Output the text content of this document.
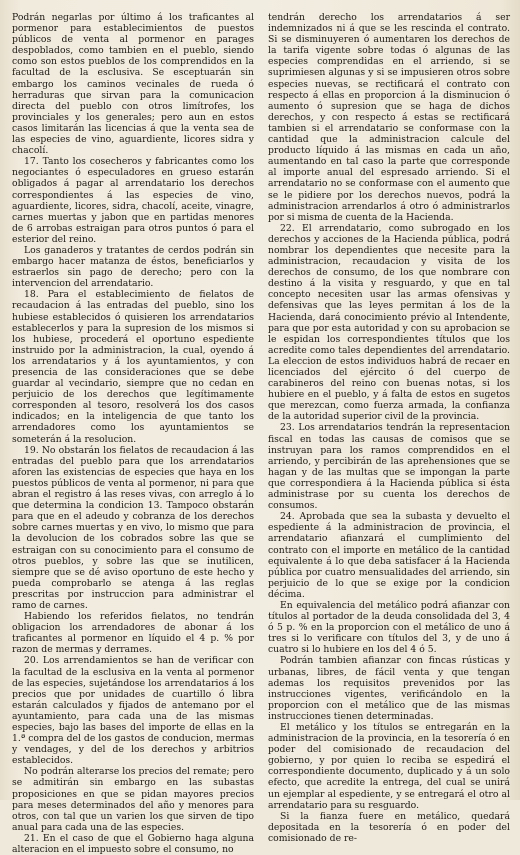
Podrán negarlas por último á los traficantes al pormenor para establecimientos de puestos públicos de venta al pormenor en parages despoblados, como tambien en el pueblo, siendo como son estos pueblos de los comprendidos en la facultad de la esclusiva. Se esceptuarán sin embargo los caminos vecinales de rueda ó herraduras que sirvan para la comunicacion directa del pueblo con otros limítrofes, los provinciales y los generales; pero aun en estos casos limitarán las licencias á que la venta sea de las especies de vino, aguardiente, licores sidra y chacolí.

17. Tanto los cosecheros y fabricantes como los negociantes ó especuladores en grueso estarán obligados á pagar al arrendatario los derechos correspondientes á las especies de vino, aguardiente, licores, sidra, chacolí, aceite, vinagre, carnes muertas y jabon que en partidas menores de 6 arrobas estraigan para otros puntos ó para el esterior del reino.

Los ganaderos y tratantes de cerdos podrán sin embargo hacer matanza de éstos, beneficiarlos y estraerlos sin pago de derecho; pero con la intervencion del arrendatario.

18. Para el establecimiento de fielatos de recaudacion á las entradas del pueblo, sino los hubiese establecidos ó quisieren los arrendatarios establecerlos y para la supresion de los mismos si los hubiese, procederá el oportuno espediente instruido por la administracion, la cual, oyendo á los arrendatarios y á los ayuntamientos, y con presencia de las consideraciones que se debe guardar al vecindario, siempre que no cedan en perjuicio de los derechos que legítimamente corresponden al tesoro, resolverá los dos casos indicados; en la inteligencia de que tanto los arrendadores como los ayuntamientos se someterán á la resolucion.

19. No obstarán los fielatos de recaudacion á las entradas del pueblo para que los arrendatarios aforen las existencias de especies que haya en los puestos públicos de venta al pormenor, ni para que abran el registro á las reses vivas, con arreglo á lo que determina la condicion 13. Tampoco obstarán para que en el adeudo y cobranza de los derechos sobre carnes muertas y en vivo, lo mismo que para la devolucion de los cobrados sobre las que se estraigan con su conocimiento para el consumo de otros pueblos, y sobre las que se inutilicen, siempre que se dé aviso oportuno de este hecho y pueda comprobarlo se atenga á las reglas prescritas por instruccion para administrar el ramo de carnes.

Habiendo los referidos fielatos, no tendrán obligacion los arrendadores de abonar á los traficantes al pormenor en líquido el 4 p. % por razon de mermas y derrames.

20. Los arrendamientos se han de verificar con la facultad de la esclusiva en la venta al pormenor de las especies, sujetándose los arrendatarios á los precios que por unidades de cuartillo ó libra estarán calculados y fijados de antemano por el ayuntamiento, para cada una de las mismas especies, bajo las bases del importe de ellas en la 1.ª compra del de los gastos de conducion, mermas y vendages, y del de los derechos y arbitrios establecidos.

No podrán alterarse los precios del remate; pero se admitirán sin embargo en las subastas proposiciones en que se pidan mayores precios para meses determinados del año y menores para otros, con tal que un varien los que sirven de tipo anual para cada una de las especies.

21. En el caso de que el Gobierno haga alguna alteracion en el impuesto sobre el consumo, no

tendrán derecho los arrendatarios á ser indemnizados ni á que se les rescinda el contrato. Si se disminuyeren ó aumentaren los derechos de la tarifa vigente sobre todas ó algunas de las especies comprendidas en el arriendo, si se suprimiesen algunas y si se impusieren otros sobre especies nuevas, se rectificará el contrato con respecto á ellas en proporcion á la disminucion ó aumento ó supresion que se haga de dichos derechos, y con respecto á estas se rectificará tambien si el arrendatario se conformase con la cantidad que la administracion calcule del producto líquido á las mismas en cada un año, aumentando en tal caso la parte que corresponde al importe anual del espresado arriendo. Si el arrendatario no se conformase con el aumento que se le pidiere por los derechos nuevos, podrá la administracion arrendarlos á otro ó administrarlos por si misma de cuenta de la Hacienda.

22. El arrendatario, como subrogado en los derechos y acciones de la Hacienda pública, podrá nombrar los dependientes que necesite para la administracion, recaudacion y visita de los derechos de consumo, de los que nombrare con destino á la visita y resguardo, y que en tal concepto necesiten usar las armas ofensivas y defensivas que las leyes permitan á los de la Hacienda, dará conocimiento prévio al Intendente, para que por esta autoridad y con su aprobacion se le espidan los correspondientes títulos que los acredite como tales dependientes del arrendatario. La eleccion de estos individuos habrá de recaer en licenciados del ejército ó del cuerpo de carabineros del reino con buenas notas, si los hubiere en el pueblo, y á falta de estos en sugetos que merezcan, como fuerza armada, la confianza de la autoridad superior civil de la provincia.

23. Los arrendatarios tendrán la representacion fiscal en todas las causas de comisos que se instruyan para los ramos comprendidos en el arriendo, y percibirán de las aprehensiones que se hagan y de las multas que se impongan la parte que correspondiera á la Hacienda pública si ésta administrase por su cuenta los derechos de consumos.

24. Aprobada que sea la subasta y devuelto el espediente á la administracion de provincia, el arrendatario afianzará el cumplimiento del contrato con el importe en metálico de la cantidad equivalente á lo que deba satisfacer á la Hacienda pública por cuatro mensualidades del arriendo, sin perjuicio de lo que se exige por la condicion décima.

En equivalencia del metálico podrá afianzar con títulos al portador de la deuda consolidada del 3, 4 ó 5 p. % en la proporcion con el metálico de uno á tres si lo verificare con títulos del 3, y de uno á cuatro si lo hubiere en los del 4 ó 5.

Podrán tambien afianzar con fincas rústicas y urbanas, libres, de fácil venta y que tengan ademas los requisitos prevenidos por las instrucciones vigentes, verificándolo en la proporcion con el metálico que de las mismas instrucciones tienen determinadas.

El metálico y los títulos se entregarán en la administracion de la provincia, en la tesorería ó en poder del comisionado de recaudacion del gobierno, y por quien lo reciba se espedirá el correspondiente documento, duplicado y á un solo efecto, que acredite la entrega, del cual se unirá un ejemplar al espediente, y se entregará el otro al arrendatario para su resguardo.

Si la fianza fuere en metálico, quedará depositada en la tesorería ó en poder del comisionado de re-
